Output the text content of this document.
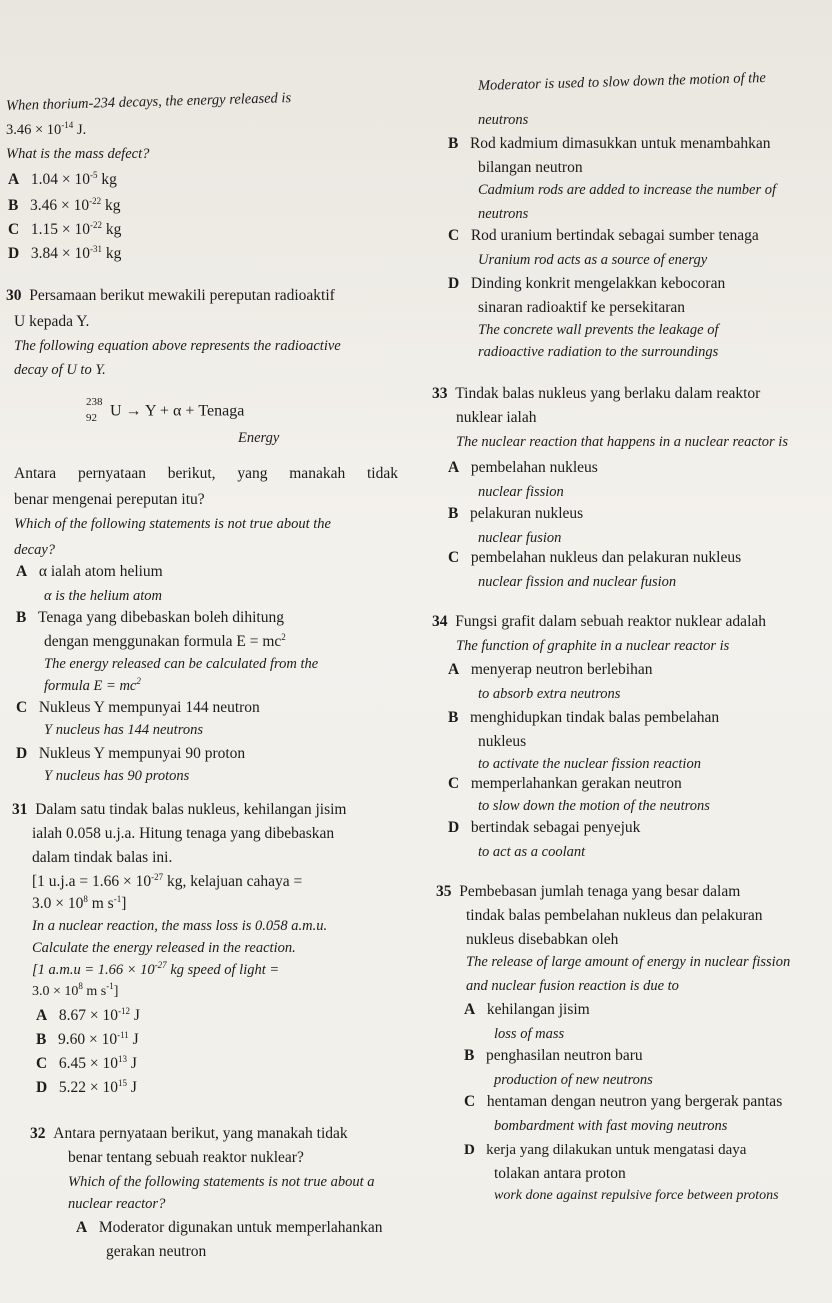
When thorium-234 decays, the energy released is
$3.46 \times 10^{-14}$ J.
What is the mass defect?
A $1.04 \times 10^{-5}$ kg
B $3.46 \times 10^{-22}$ kg
C $1.15 \times 10^{-22}$ kg
D $3.84 \times 10^{-31}$ kg
30 Persamaan berikut mewakili pereputan radioaktif
U kepada Y.
The following equation above represents the radioactive
decay of U to Y.
238
92 U → Y + α + Tenaga
Energy
Antara pernyataan berikut, yang manakah tidak
benar mengenai pereputan itu?
Which of the following statements is not true about the
decay?
A α ialah atom helium
α is the helium atom
B Tenaga yang dibebaskan boleh dihitung
dengan menggunakan formula $E = mc^2$
The energy released can be calculated from the
formula $E = mc^2$
C Nukleus Y mempunyai 144 neutron
Y nucleus has 144 neutrons
D Nukleus Y mempunyai 90 proton
Y nucleus has 90 protons
31 Dalam satu tindak balas nukleus, kehilangan jisim
ialah 0.058 u.j.a. Hitung tenaga yang dibebaskan
dalam tindak balas ini.
[1 $u.j.a = 1.66 \times 10^{-27}$ kg, kelajuan cahaya =
$3.0 \times 10^8$ m $s^{-1}$]
In a nuclear reaction, the mass loss is 0.058 a.m.u.
Calculate the energy released in the reaction.
[1 $a.m.u = 1.66 \times 10^{-27}$ kg speed of light =
$3.0 \times 10^8$ m $s^{-1}$]
A $8.67 \times 10^{-12}$ J
B $9.60 \times 10^{-11}$ J
C $6.45 \times 10^{13}$ J
D $5.22 \times 10^{15}$ J
32 Antara pernyataan berikut, yang manakah tidak
benar tentang sebuah reaktor nuklear?
Which of the following statements is not true about a
nuclear reactor?
A Moderator digunakan untuk memperlahankan
gerakan neutron
Moderator is used to slow down the motion of the
neutrons
B Rod kadmium dimasukkan untuk menambahkan
bilangan neutron
Cadmium rods are added to increase the number of
neutrons
C Rod uranium bertindak sebagai sumber tenaga
Uranium rod acts as a source of energy
D Dinding konkrit mengelakkan kebocoran
sinaran radioaktif ke persekitaran
The concrete wall prevents the leakage of
radioactive radiation to the surroundings
33 Tindak balas nukleus yang berlaku dalam reaktor
nuklear ialah
The nuclear reaction that happens in a nuclear reactor is
A pembelahan nukleus
nuclear fission
B pelakuran nukleus
nuclear fusion
C pembelahan nukleus dan pelakuran nukleus
nuclear fission and nuclear fusion
34 Fungsi grafit dalam sebuah reaktor nuklear adalah
The function of graphite in a nuclear reactor is
A menyerap neutron berlebihan
to absorb extra neutrons
B menghidupkan tindak balas pembelahan
nukleus
to activate the nuclear fission reaction
C memperlahankan gerakan neutron
to slow down the motion of the neutrons
D bertindak sebagai penyejuk
to act as a coolant
35 Pembebasan jumlah tenaga yang besar dalam
tindak balas pembelahan nukleus dan pelakuran
nukleus disebabkan oleh
The release of large amount of energy in nuclear fission
and nuclear fusion reaction is due to
A kehilangan jisim
loss of mass
B penghasilan neutron baru
production of new neutrons
C hentaman dengan neutron yang bergerak pantas
bombardment with fast moving neutrons
D kerja yang dilakukan untuk mengatasi daya
tolakan antara proton
work done against repulsive force between protons
